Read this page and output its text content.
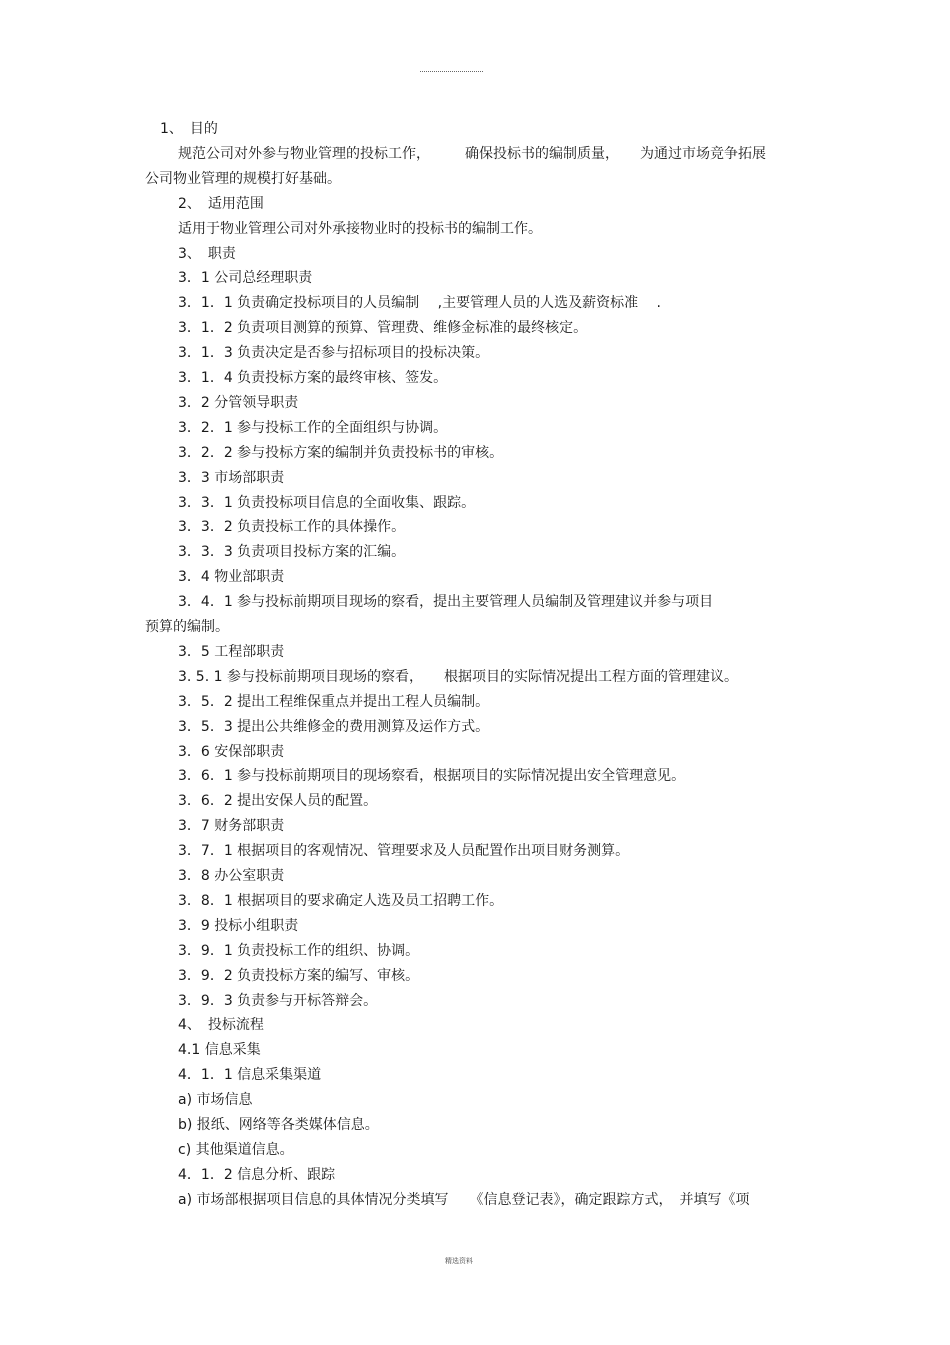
1、　目的
规范公司对外参与物业管理的投标工作，　　　确保投标书的编制质量，　　为通过市场竞争拓展
公司物业管理的规模打好基础。
2、　适用范围
适用于物业管理公司对外承接物业时的投标书的编制工作。
3、　职责
3．1 公司总经理职责
3．1．1 负责确定投标项目的人员编制　 ,主要管理人员的人选及薪资标准　 .
3．1．2 负责项目测算的预算、管理费、维修金标准的最终核定。
3．1．3 负责决定是否参与招标项目的投标决策。
3．1．4 负责投标方案的最终审核、签发。
3．2 分管领导职责
3．2．1 参与投标工作的全面组织与协调。
3．2．2 参与投标方案的编制并负责投标书的审核。
3．3 市场部职责
3．3．1 负责投标项目信息的全面收集、跟踪。
3．3．2 负责投标工作的具体操作。
3．3．3 负责项目投标方案的汇编。
3．4 物业部职责
3．4．1 参与投标前期项目现场的察看，提出主要管理人员编制及管理建议并参与项目
预算的编制。
3．5 工程部职责
3. 5. 1 参与投标前期项目现场的察看，　　根据项目的实际情况提出工程方面的管理建议。
3．5．2 提出工程维保重点并提出工程人员编制。
3．5．3 提出公共维修金的费用测算及运作方式。
3．6 安保部职责
3．6．1 参与投标前期项目的现场察看，根据项目的实际情况提出安全管理意见。
3．6．2 提出安保人员的配置。
3．7 财务部职责
3．7．1 根据项目的客观情况、管理要求及人员配置作出项目财务测算。
3．8 办公室职责
3．8．1 根据项目的要求确定人选及员工招聘工作。
3．9 投标小组职责
3．9．1 负责投标工作的组织、协调。
3．9．2 负责投标方案的编写、审核。
3．9．3 负责参与开标答辩会。
4、　投标流程
4.1 信息采集
4．1．1 信息采集渠道
a) 市场信息
b) 报纸、网络等各类媒体信息。
c) 其他渠道信息。
4．1．2 信息分析、跟踪
a) 市场部根据项目信息的具体情况分类填写　　《信息登记表》，确定跟踪方式，　并填写《项
精选资料
